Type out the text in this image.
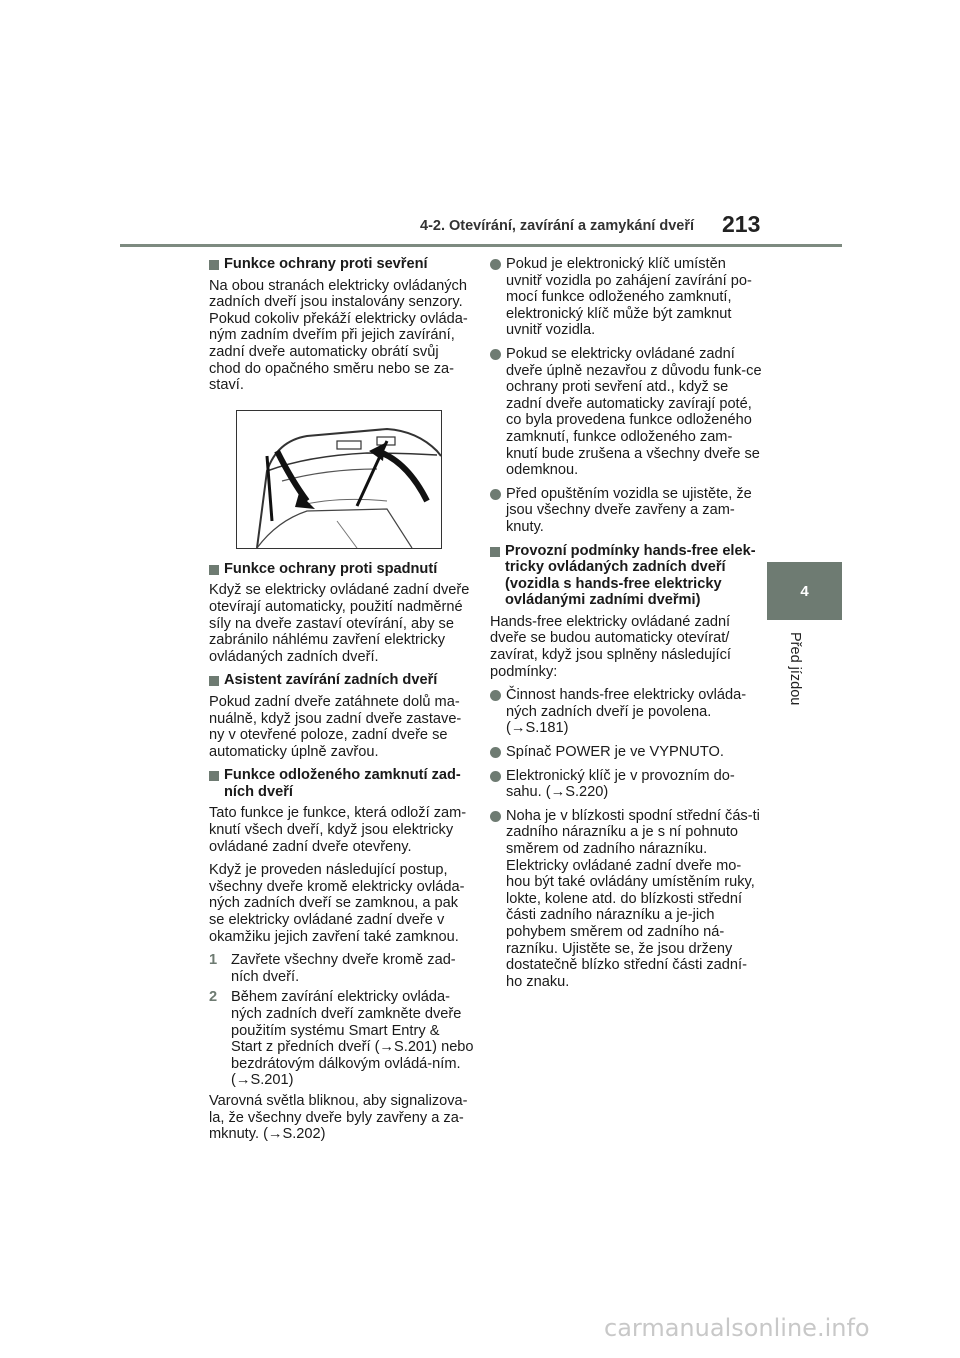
4-2. Otevírání, zavírání a zamykání dveří	213
4
Před jízdou
Funkce ochrany proti sevření

Na obou stranách elektricky ovládaných zadních dveří jsou instalovány senzory. Pokud cokoliv překáží elektricky ovláda-ným zadním dveřím při jejich zavírání, zadní dveře automaticky obrátí svůj chod do opačného směru nebo se za-staví.

Funkce ochrany proti spadnutí

Když se elektricky ovládané zadní dveře otevírají automaticky, použití nadměrné síly na dveře zastaví otevírání, aby se zabránilo náhlému zavření elektricky ovládaných zadních dveří.

Asistent zavírání zadních dveří

Pokud zadní dveře zatáhnete dolů ma-nuálně, když jsou zadní dveře zastave-ny v otevřené poloze, zadní dveře se automaticky úplně zavřou.

Funkce odloženého zamknutí zad-ních dveří

Tato funkce je funkce, která odloží zam-knutí všech dveří, když jsou elektricky ovládané zadní dveře otevřeny.

Když je proveden následující postup, všechny dveře kromě elektricky ovláda-ných zadních dveří se zamknou, a pak se elektricky ovládané zadní dveře v okamžiku jejich zavření také zamknou.

1 Zavřete všechny dveře kromě zad-ních dveří.
2 Během zavírání elektricky ovláda-ných zadních dveří zamkněte dveře použitím systému Smart Entry & Start z předních dveří (→S.201) nebo bezdrátovým dálkovým ovládá-ním. (→S.201)

Varovná světla bliknou, aby signalizova-la, že všechny dveře byly zavřeny a za-mknuty. (→S.202)

Pokud je elektronický klíč umístěn uvnitř vozidla po zahájení zavírání po-mocí funkce odloženého zamknutí, elektronický klíč může být zamknut uvnitř vozidla.
Pokud se elektricky ovládané zadní dveře úplně nezavřou z důvodu funk-ce ochrany proti sevření atd., když se zadní dveře automaticky zavírají poté, co byla provedena funkce odloženého zamknutí, funkce odloženého zam-knutí bude zrušena a všechny dveře se odemknou.
Před opuštěním vozidla se ujistěte, že jsou všechny dveře zavřeny a zam-knuty.
Provozní podmínky hands-free elek-tricky ovládaných zadních dveří (vozidla s hands-free elektricky ovládanými zadními dveřmi)

Hands-free elektricky ovládané zadní dveře se budou automaticky otevírat/ zavírat, když jsou splněny následující podmínky:

Činnost hands-free elektricky ovláda-ných zadních dveří je povolena. (→S.181)
Spínač POWER je ve VYPNUTO.
Elektronický klíč je v provozním do-sahu. (→S.220)
Noha je v blízkosti spodní střední čás-ti zadního nárazníku a je s ní pohnuto směrem od zadního nárazníku. Elektricky ovládané zadní dveře mo-hou být také ovládány umístěním ruky, lokte, kolene atd. do blízkosti střední části zadního nárazníku a je-jich pohybem směrem od zadního ná-razníku. Ujistěte se, že jsou drženy dostatečně blízko střední části zadní-ho znaku.
carmanualsonline.info
